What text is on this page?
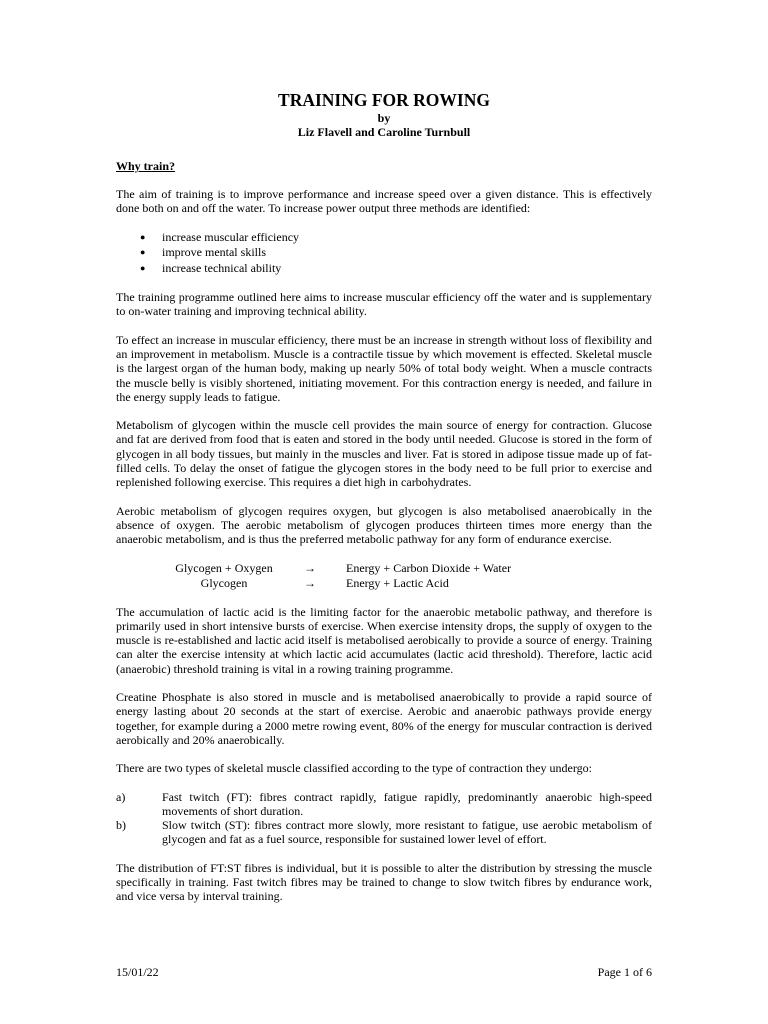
TRAINING FOR ROWING
by
Liz Flavell and Caroline Turnbull
Why train?

The aim of training is to improve performance and increase speed over a given distance. This is effectively done both on and off the water. To increase power output three methods are identified:

● increase muscular efficiency
● improve mental skills
● increase technical ability

The training programme outlined here aims to increase muscular efficiency off the water and is supplementary to on-water training and improving technical ability.

To effect an increase in muscular efficiency, there must be an increase in strength without loss of flexibility and an improvement in metabolism. Muscle is a contractile tissue by which movement is effected. Skeletal muscle is the largest organ of the human body, making up nearly 50% of total body weight. When a muscle contracts the muscle belly is visibly shortened, initiating movement. For this contraction energy is needed, and failure in the energy supply leads to fatigue.

Metabolism of glycogen within the muscle cell provides the main source of energy for contraction. Glucose and fat are derived from food that is eaten and stored in the body until needed. Glucose is stored in the form of glycogen in all body tissues, but mainly in the muscles and liver. Fat is stored in adipose tissue made up of fat-filled cells. To delay the onset of fatigue the glycogen stores in the body need to be full prior to exercise and replenished following exercise. This requires a diet high in carbohydrates.

Aerobic metabolism of glycogen requires oxygen, but glycogen is also metabolised anaerobically in the absence of oxygen. The aerobic metabolism of glycogen produces thirteen times more energy than the anaerobic metabolism, and is thus the preferred metabolic pathway for any form of endurance exercise.

Glycogen + Oxygen	→	Energy + Carbon Dioxide + Water
Glycogen	→	Energy + Lactic Acid

The accumulation of lactic acid is the limiting factor for the anaerobic metabolic pathway, and therefore is primarily used in short intensive bursts of exercise. When exercise intensity drops, the supply of oxygen to the muscle is re-established and lactic acid itself is metabolised aerobically to provide a source of energy. Training can alter the exercise intensity at which lactic acid accumulates (lactic acid threshold). Therefore, lactic acid (anaerobic) threshold training is vital in a rowing training programme.

Creatine Phosphate is also stored in muscle and is metabolised anaerobically to provide a rapid source of energy lasting about 20 seconds at the start of exercise. Aerobic and anaerobic pathways provide energy together, for example during a 2000 metre rowing event, 80% of the energy for muscular contraction is derived aerobically and 20% anaerobically.

There are two types of skeletal muscle classified according to the type of contraction they undergo:

a)	Fast twitch (FT): fibres contract rapidly, fatigue rapidly, predominantly anaerobic high-speed movements of short duration.
b)	Slow twitch (ST): fibres contract more slowly, more resistant to fatigue, use aerobic metabolism of glycogen and fat as a fuel source, responsible for sustained lower level of effort.

The distribution of FT:ST fibres is individual, but it is possible to alter the distribution by stressing the muscle specifically in training. Fast twitch fibres may be trained to change to slow twitch fibres by endurance work, and vice versa by interval training.

15/01/22	Page 1 of 6
